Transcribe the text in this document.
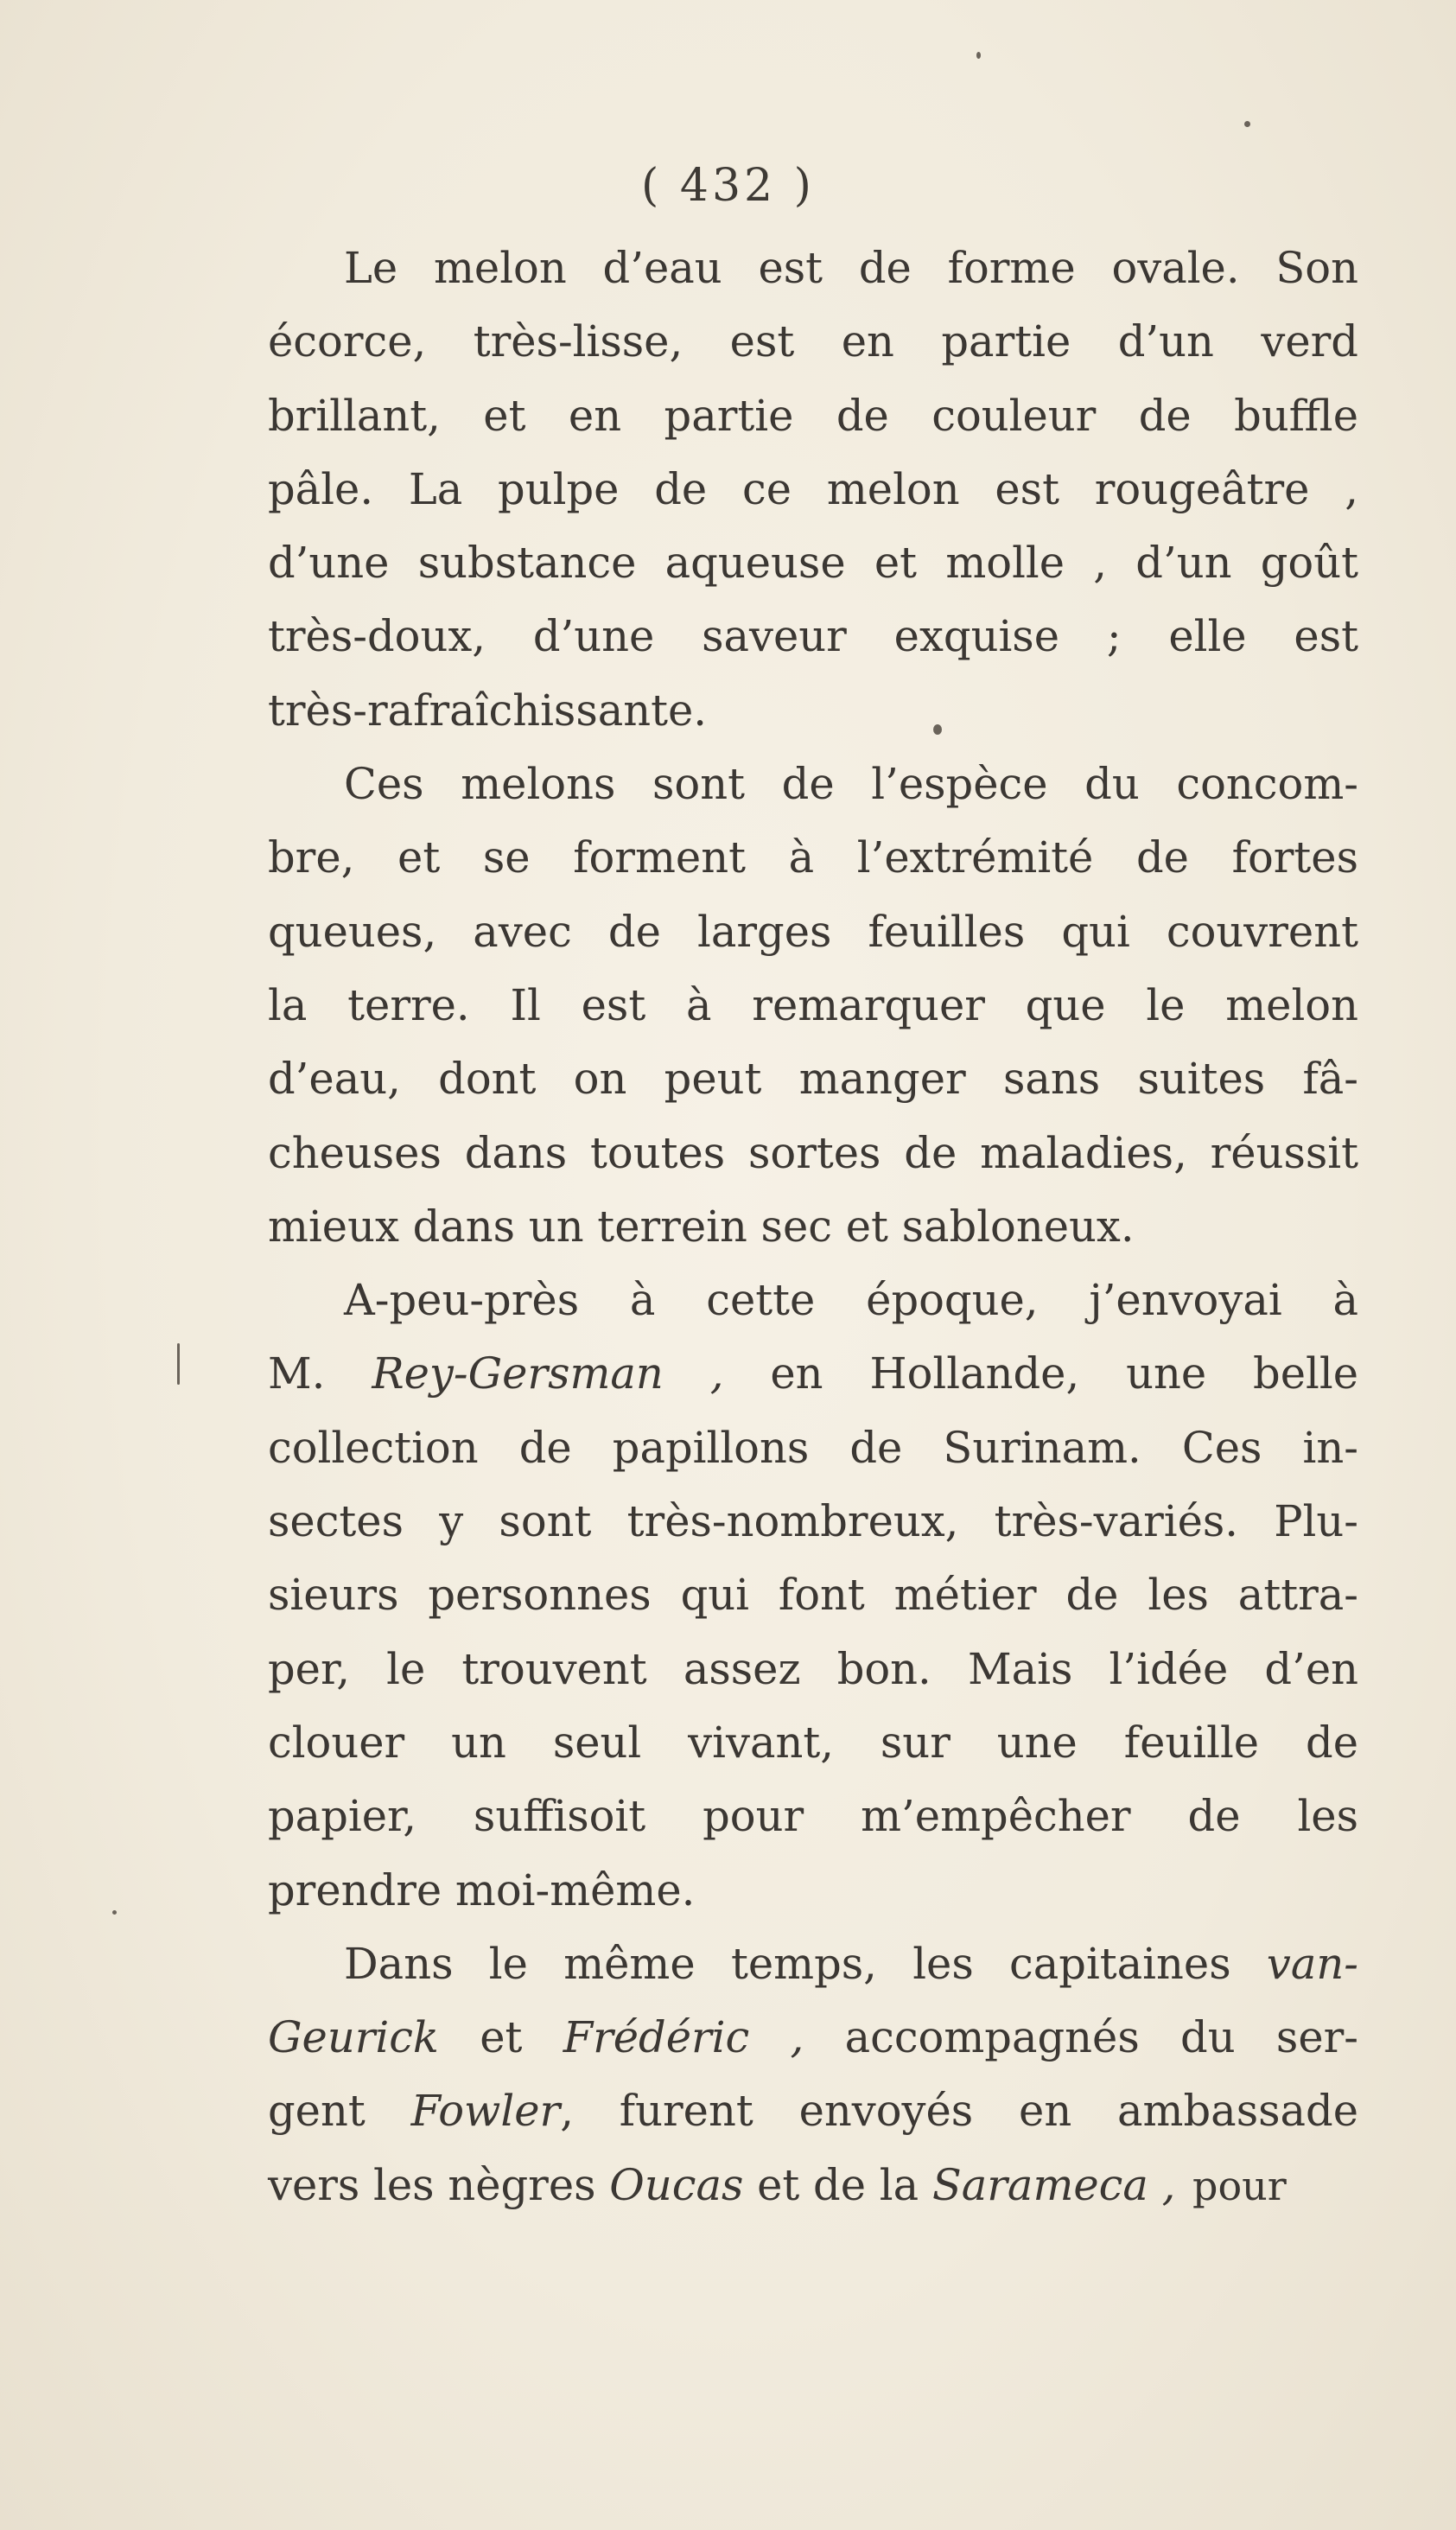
( 432 )
Le melon d’eau est de forme ovale. Son
écorce, très-lisse, est en partie d’un verd
brillant, et en partie de couleur de buffle
pâle. La pulpe de ce melon est rougeâtre ,
d’une substance aqueuse et molle , d’un goût
très-doux, d’une saveur exquise ; elle est
très-rafraîchissante.
Ces melons sont de l’espèce du concom-
bre, et se forment à l’extrémité de fortes
queues, avec de larges feuilles qui couvrent
la terre. Il est à remarquer que le melon
d’eau, dont on peut manger sans suites fâ-
cheuses dans toutes sortes de maladies, réussit
mieux dans un terrein sec et sabloneux.
A-peu-près à cette époque, j’envoyai à
M. Rey-Gersman , en Hollande, une belle
collection de papillons de Surinam. Ces in-
sectes y sont très-nombreux, très-variés. Plu-
sieurs personnes qui font métier de les attra-
per, le trouvent assez bon. Mais l’idée d’en
clouer un seul vivant, sur une feuille de
papier, suffisoit pour m’empêcher de les
prendre moi-même.
Dans le même temps, les capitaines van-
Geurick et Frédéric , accompagnés du ser-
gent Fowler, furent envoyés en ambassade
vers les nègres Oucas et de la Sarameca , pour
